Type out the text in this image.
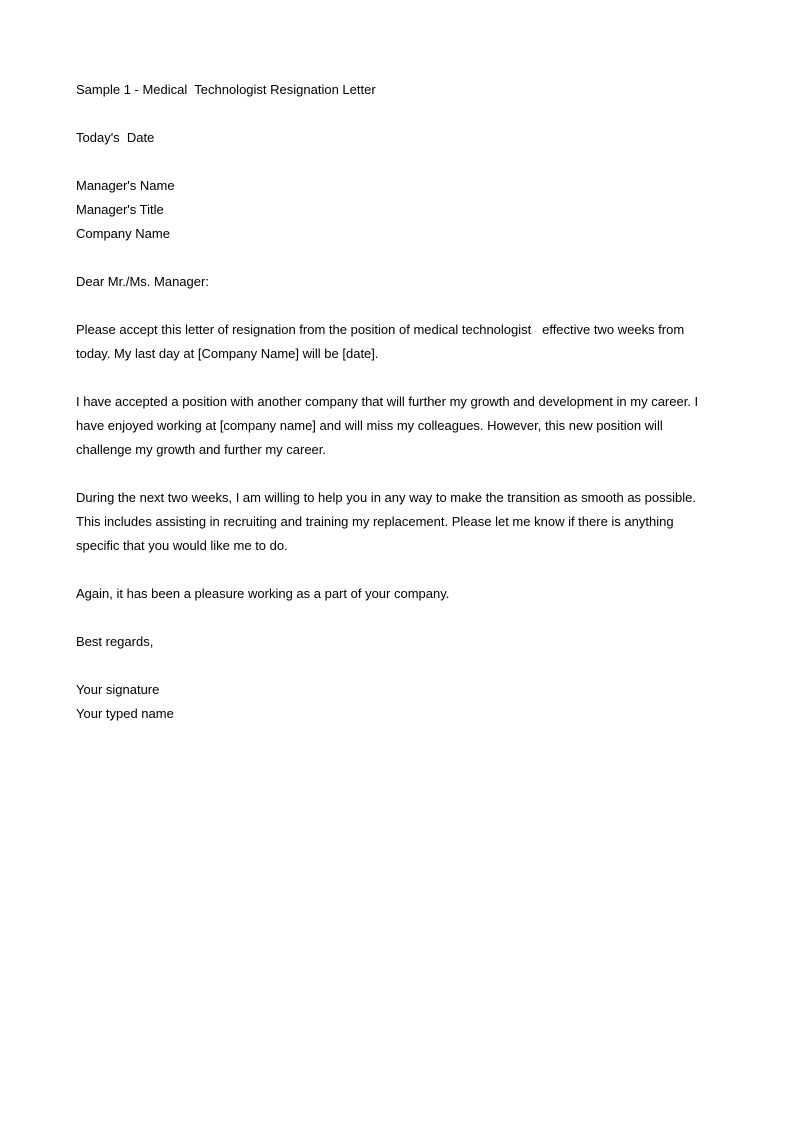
Sample 1 - Medical  Technologist Resignation Letter
Today's  Date
Manager's Name
Manager's Title
Company Name
Dear Mr./Ms. Manager:
Please accept this letter of resignation from the position of medical technologist   effective two weeks from
today. My last day at [Company Name] will be [date].
I have accepted a position with another company that will further my growth and development in my career. I
have enjoyed working at [company name] and will miss my colleagues. However, this new position will
challenge my growth and further my career.
During the next two weeks, I am willing to help you in any way to make the transition as smooth as possible.
This includes assisting in recruiting and training my replacement. Please let me know if there is anything
specific that you would like me to do.
Again, it has been a pleasure working as a part of your company.
Best regards,
Your signature
Your typed name
